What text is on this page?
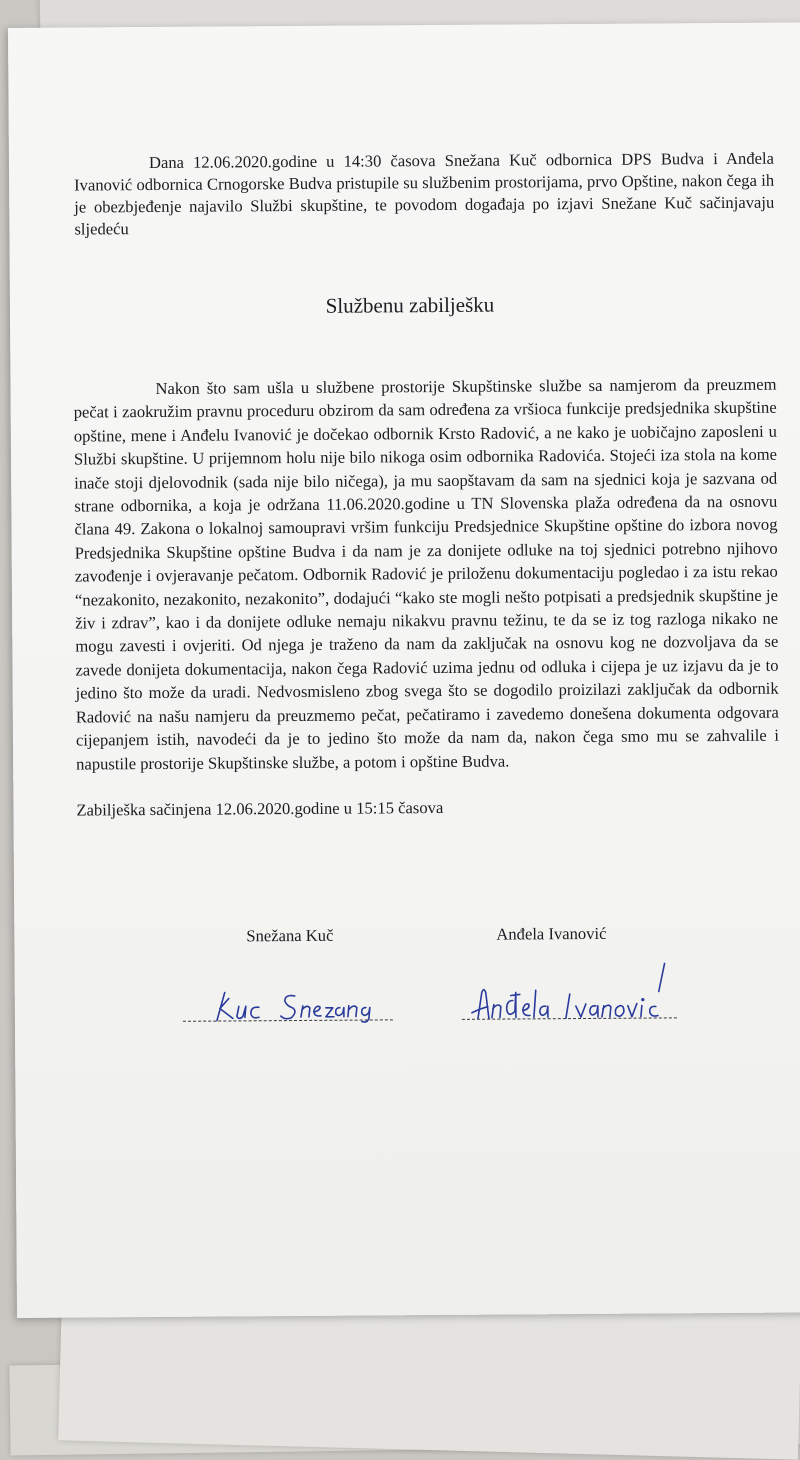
Dana 12.06.2020.godine u 14:30 časova Snežana Kuč odbornica DPS Budva i Anđela Ivanović odbornica Crnogorske Budva pristupile su službenim prostorijama, prvo Opštine, nakon čega ih je obezbjeđenje najavilo Službi skupštine, te povodom događaja po izjavi Snežane Kuč sačinjavaju sljedeću

Službenu zabilješku

Nakon što sam ušla u službene prostorije Skupštinske službe sa namjerom da preuzmem pečat i zaokružim pravnu proceduru obzirom da sam određena za vršioca funkcije predsjednika skupštine opštine, mene i Anđelu Ivanović je dočekao odbornik Krsto Radović, a ne kako je uobičajno zaposleni u Službi skupštine. U prijemnom holu nije bilo nikoga osim odbornika Radovića. Stojeći iza stola na kome inače stoji djelovodnik (sada nije bilo ničega), ja mu saopštavam da sam na sjednici koja je sazvana od strane odbornika, a koja je održana 11.06.2020.godine u TN Slovenska plaža određena da na osnovu člana 49. Zakona o lokalnoj samoupravi vršim funkciju Predsjednice Skupštine opštine do izbora novog Predsjednika Skupštine opštine Budva i da nam je za donijete odluke na toj sjednici potrebno njihovo zavođenje i ovjeravanje pečatom. Odbornik Radović je priloženu dokumentaciju pogledao i za istu rekao “nezakonito, nezakonito, nezakonito”, dodajući “kako ste mogli nešto potpisati a predsjednik skupštine je živ i zdrav”, kao i da donijete odluke nemaju nikakvu pravnu težinu, te da se iz tog razloga nikako ne mogu zavesti i ovjeriti. Od njega je traženo da nam da zaključak na osnovu kog ne dozvoljava da se zavede donijeta dokumentacija, nakon čega Radović uzima jednu od odluka i cijepa je uz izjavu da je to jedino što može da uradi. Nedvosmisleno zbog svega što se dogodilo proizilazi zaključak da odbornik Radović na našu namjeru da preuzmemo pečat, pečatiramo i zavedemo donešena dokumenta odgovara cijepanjem istih, navodeći da je to jedino što može da nam da, nakon čega smo mu se zahvalile i napustile prostorije Skupštinske službe, a potom i opštine Budva.

Zabilješka sačinjena 12.06.2020.godine u 15:15 časova

Snežana Kuč	Anđela Ivanović
